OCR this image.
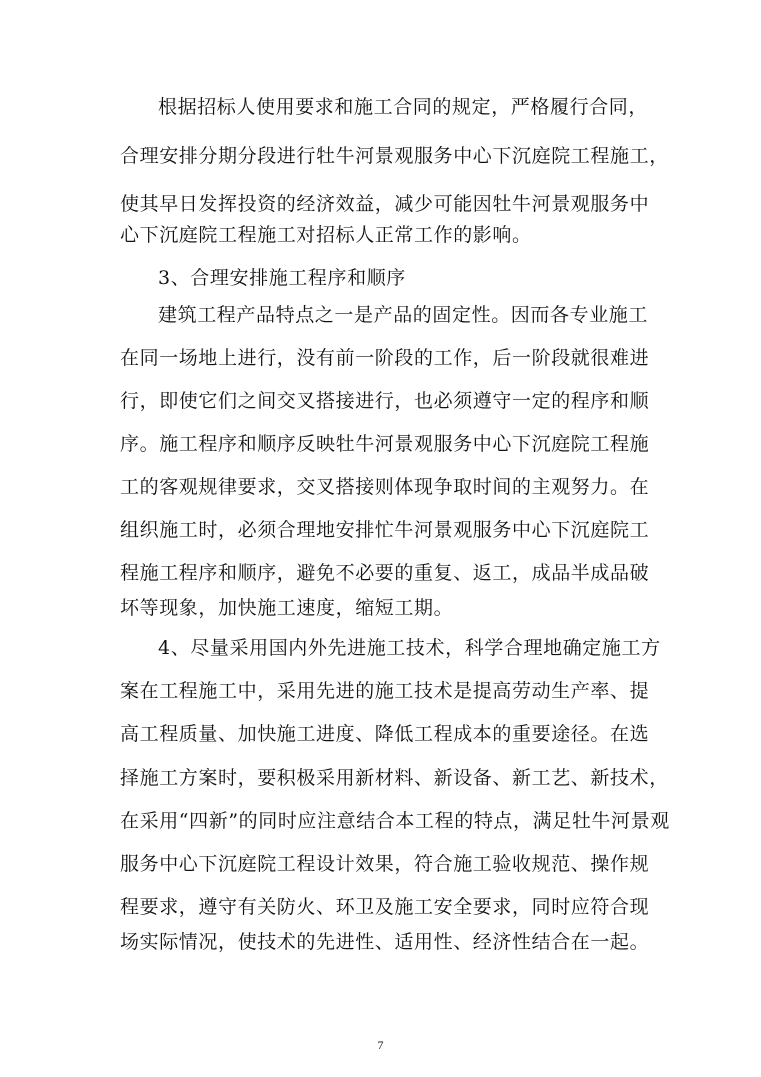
根据招标人使用要求和施工合同的规定，严格履行合同，
合理安排分期分段进行牡牛河景观服务中心下沉庭院工程施工，
使其早日发挥投资的经济效益，减少可能因牡牛河景观服务中
心下沉庭院工程施工对招标人正常工作的影响。
3、合理安排施工程序和顺序
建筑工程产品特点之一是产品的固定性。因而各专业施工
在同一场地上进行，没有前一阶段的工作，后一阶段就很难进
行，即使它们之间交叉搭接进行，也必须遵守一定的程序和顺
序。施工程序和顺序反映牡牛河景观服务中心下沉庭院工程施
工的客观规律要求，交叉搭接则体现争取时间的主观努力。在
组织施工时，必须合理地安排忙牛河景观服务中心下沉庭院工
程施工程序和顺序，避免不必要的重复、返工，成品半成品破
坏等现象，加快施工速度，缩短工期。
4、尽量采用国内外先进施工技术，科学合理地确定施工方
案在工程施工中，采用先进的施工技术是提高劳动生产率、提
高工程质量、加快施工进度、降低工程成本的重要途径。在选
择施工方案时，要积极采用新材料、新设备、新工艺、新技术，
在采用“四新”的同时应注意结合本工程的特点，满足牡牛河景观
服务中心下沉庭院工程设计效果，符合施工验收规范、操作规
程要求，遵守有关防火、环卫及施工安全要求，同时应符合现
场实际情况，使技术的先进性、适用性、经济性结合在一起。
7
